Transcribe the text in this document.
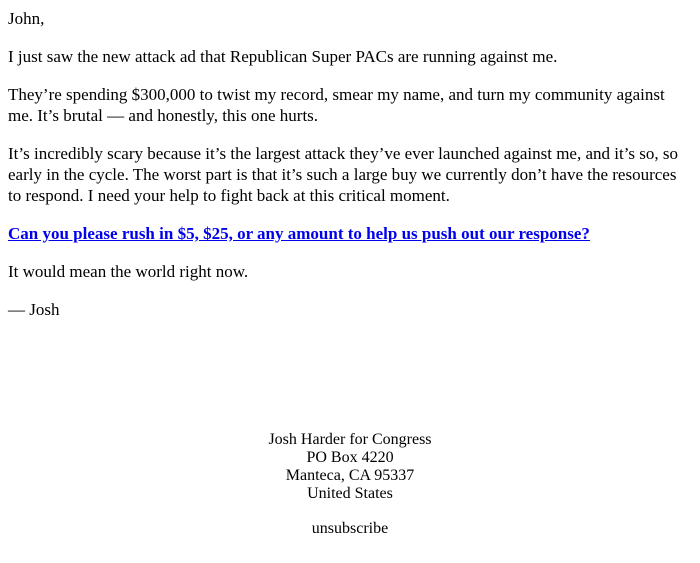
John,

I just saw the new attack ad that Republican Super PACs are running against me.

They’re spending $300,000 to twist my record, smear my name, and turn my community against me. It’s brutal — and honestly, this one hurts.

It’s incredibly scary because it’s the largest attack they’ve ever launched against me, and it’s so, so early in the cycle. The worst part is that it’s such a large buy we currently don’t have the resources to respond. I need your help to fight back at this critical moment.

Can you please rush in $5, $25, or any amount to help us push out our response?

It would mean the world right now.

— Josh

Josh Harder for Congress
PO Box 4220
Manteca, CA 95337
United States
unsubscribe
